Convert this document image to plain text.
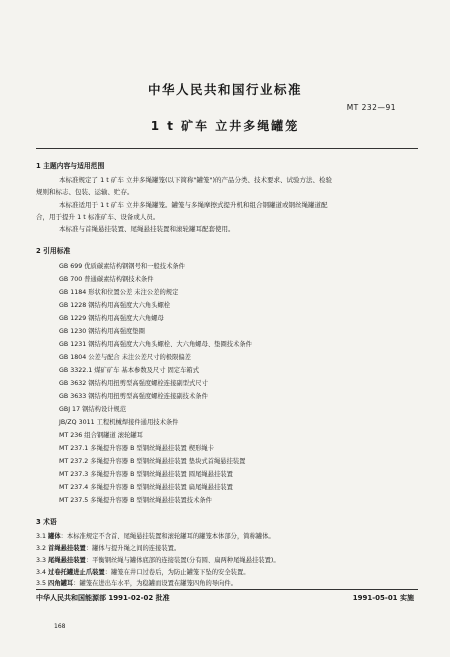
中华人民共和国行业标准
MT 232—91
1 t 矿车 立井多绳罐笼
1 主题内容与适用范围
本标准规定了 1 t 矿车 立井多绳罐笼(以下简称"罐笼")的产品分类、技术要求、试验方法、检验
规则和标志、包装、运输、贮存。
本标准适用于 1 t 矿车 立井多绳罐笼。罐笼与多绳摩擦式提升机和组合钢罐道或钢丝绳罐道配
合，用于提升 1 t 标准矿车、设备或人员。
本标准与首绳悬挂装置、尾绳悬挂装置和滚轮罐耳配套使用。
2 引用标准
GB 699 优质碳素结构钢钢号和一般技术条件
GB 700 普通碳素结构钢技术条件
GB 1184 形状和位置公差 未注公差的规定
GB 1228 钢结构用高强度大六角头螺栓
GB 1229 钢结构用高强度大六角螺母
GB 1230 钢结构用高强度垫圈
GB 1231 钢结构用高强度大六角头螺栓、大六角螺母、垫圈技术条件
GB 1804 公差与配合 未注公差尺寸的极限偏差
GB 3322.1 煤矿矿车 基本参数及尺寸 固定车箱式
GB 3632 钢结构用扭剪型高强度螺栓连接副型式尺寸
GB 3633 钢结构用扭剪型高强度螺栓连接副技术条件
GBJ 17 钢结构设计规范
JB/ZQ 3011 工程机械焊接件通用技术条件
MT 236 组合钢罐道 滚轮罐耳
MT 237.1 多绳提升容器 B 型钢丝绳悬挂装置 楔形绳卡
MT 237.2 多绳提升容器 B 型钢丝绳悬挂装置 垫块式首绳悬挂装置
MT 237.3 多绳提升容器 B 型钢丝绳悬挂装置 圆尾绳悬挂装置
MT 237.4 多绳提升容器 B 型钢丝绳悬挂装置 扁尾绳悬挂装置
MT 237.5 多绳提升容器 B 型钢丝绳悬挂装置技术条件
3 术语
3.1 罐体：本标准规定不含首、尾绳悬挂装置和滚轮罐耳的罐笼本体部分，简称罐体。
3.2 首绳悬挂装置：罐体与提升绳之间的连接装置。
3.3 尾绳悬挂装置：平衡钢丝绳与罐体底部的连接装置(分有圆、扁两种尾绳悬挂装置)。
3.4 过卷托罐进止爪装置：罐笼在井口过卷后，为防止罐笼下坠的安全装置。
3.5 四角罐耳：罐笼在进出车水平，为稳罐而设置在罐笼四角的导向件。
中华人民共和国能源部 1991-02-02 批准	1991-05-01 实施
168
